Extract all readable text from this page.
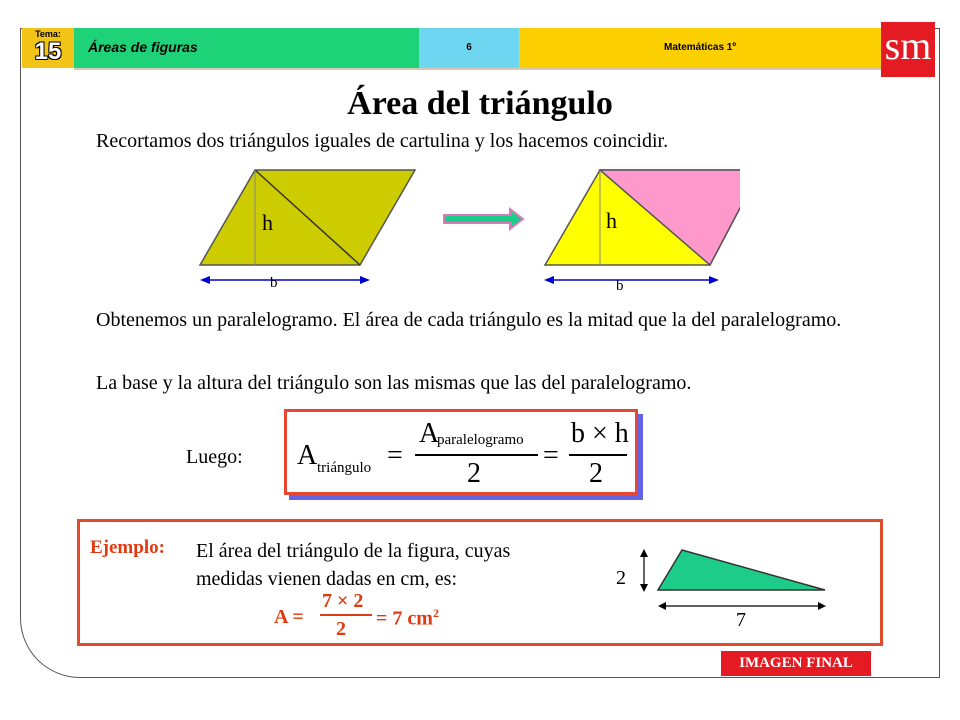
Tema:
15	Áreas de figuras	6	Matemáticas 1º	sm
Área del triángulo
Recortamos dos triángulos iguales de cartulina y los hacemos coincidir.
h
b
h
b
Obtenemos un paralelogramo. El área de cada triángulo es la mitad que la del paralelogramo.
La base y la altura del triángulo son las mismas que las del paralelogramo.
Luego: A triángulo =
A
paralelogramo
2
=
b × h
2
Ejemplo: El área del triángulo de la figura, cuyas
medidas vienen dadas en cm, es:
A =
7 × 2
2 = 7 $cm^2$
2
7
IMAGEN FINAL
